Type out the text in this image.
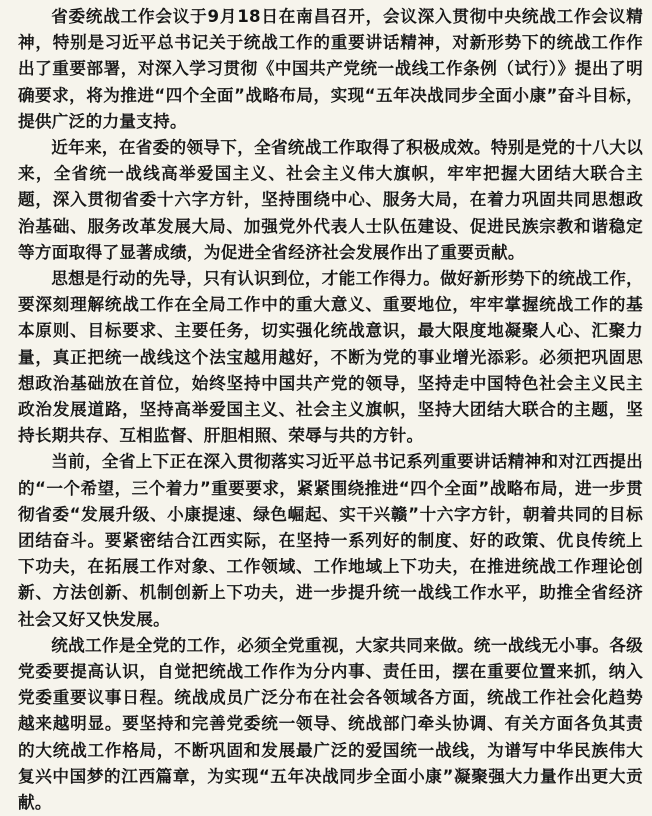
省委统战工作会议于9月18日在南昌召开，会议深入贯彻中央统战工作会议精神，特别是习近平总书记关于统战工作的重要讲话精神，对新形势下的统战工作作出了重要部署，对深入学习贯彻《中国共产党统一战线工作条例（试行）》提出了明确要求，将为推进“四个全面”战略布局，实现“五年决战同步全面小康”奋斗目标，提供广泛的力量支持。

近年来，在省委的领导下，全省统战工作取得了积极成效。特别是党的十八大以来，全省统一战线高举爱国主义、社会主义伟大旗帜，牢牢把握大团结大联合主题，深入贯彻省委十六字方针，坚持围绕中心、服务大局，在着力巩固共同思想政治基础、服务改革发展大局、加强党外代表人士队伍建设、促进民族宗教和谐稳定等方面取得了显著成绩，为促进全省经济社会发展作出了重要贡献。

思想是行动的先导，只有认识到位，才能工作得力。做好新形势下的统战工作，要深刻理解统战工作在全局工作中的重大意义、重要地位，牢牢掌握统战工作的基本原则、目标要求、主要任务，切实强化统战意识，最大限度地凝聚人心、汇聚力量，真正把统一战线这个法宝越用越好，不断为党的事业增光添彩。必须把巩固思想政治基础放在首位，始终坚持中国共产党的领导，坚持走中国特色社会主义民主政治发展道路，坚持高举爱国主义、社会主义旗帜，坚持大团结大联合的主题，坚持长期共存、互相监督、肝胆相照、荣辱与共的方针。

当前，全省上下正在深入贯彻落实习近平总书记系列重要讲话精神和对江西提出的“一个希望，三个着力”重要要求，紧紧围绕推进“四个全面”战略布局，进一步贯彻省委“发展升级、小康提速、绿色崛起、实干兴赣”十六字方针，朝着共同的目标团结奋斗。要紧密结合江西实际，在坚持一系列好的制度、好的政策、优良传统上下功夫，在拓展工作对象、工作领域、工作地域上下功夫，在推进统战工作理论创新、方法创新、机制创新上下功夫，进一步提升统一战线工作水平，助推全省经济社会又好又快发展。

统战工作是全党的工作，必须全党重视，大家共同来做。统一战线无小事。各级党委要提高认识，自觉把统战工作作为分内事、责任田，摆在重要位置来抓，纳入党委重要议事日程。统战成员广泛分布在社会各领域各方面，统战工作社会化趋势越来越明显。要坚持和完善党委统一领导、统战部门牵头协调、有关方面各负其责的大统战工作格局，不断巩固和发展最广泛的爱国统一战线，为谱写中华民族伟大复兴中国梦的江西篇章，为实现“五年决战同步全面小康”凝聚强大力量作出更大贡献。
